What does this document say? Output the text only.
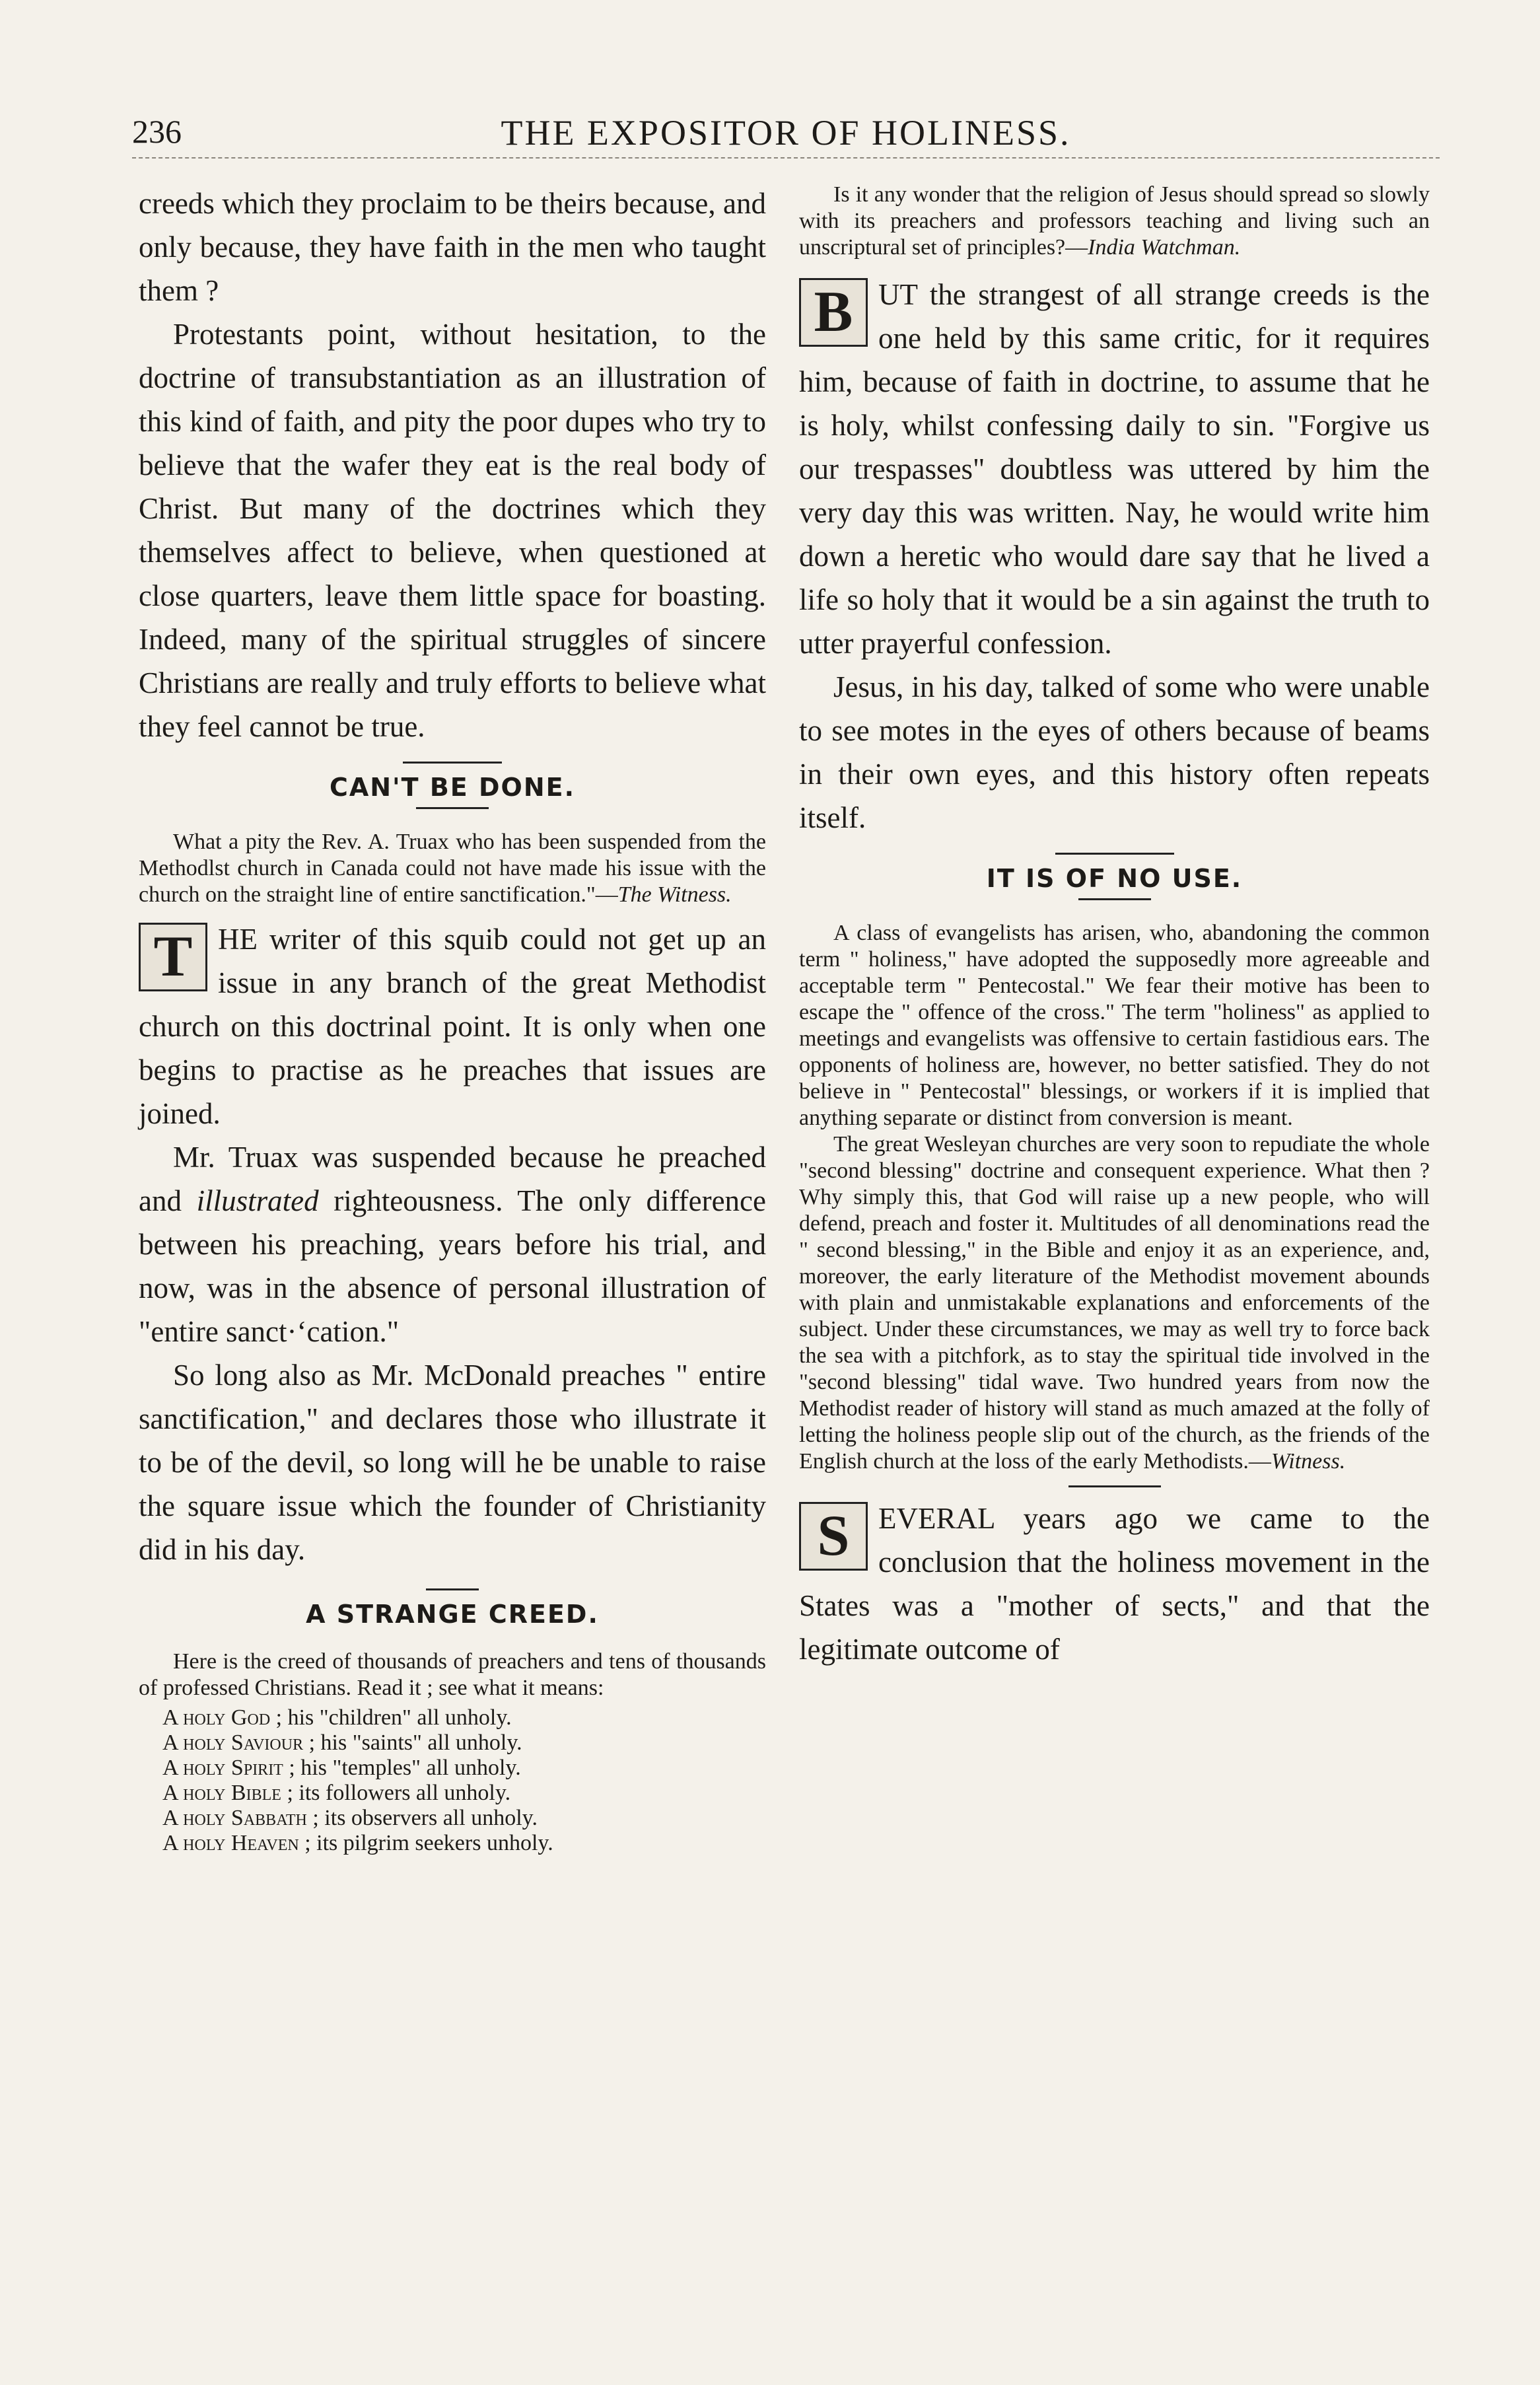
236	THE EXPOSITOR OF HOLINESS.

creeds which they proclaim to be theirs because, and only because, they have faith in the men who taught them ?

Protestants point, without hesitation, to the doctrine of transubstantiation as an illustration of this kind of faith, and pity the poor dupes who try to believe that the wafer they eat is the real body of Christ. But many of the doctrines which they themselves affect to believe, when questioned at close quarters, leave them little space for boasting. Indeed, many of the spiritual struggles of sincere Christians are really and truly efforts to believe what they feel cannot be true.

CAN'T BE DONE.

What a pity the Rev. A. Truax who has been suspended from the Methodlst church in Canada could not have made his issue with the church on the straight line of entire sanctification."—The Witness.

T HE writer of this squib could not get up an issue in any branch of the great Methodist church on this doctrinal point. It is only when one begins to practise as he preaches that issues are joined.

Mr. Truax was suspended because he preached and illustrated righteousness. The only difference between his preaching, years before his trial, and now, was in the absence of personal illustration of "entire sanct·‘cation."

So long also as Mr. McDonald preaches " entire sanctification," and declares those who illustrate it to be of the devil, so long will he be unable to raise the square issue which the founder of Christianity did in his day.

A STRANGE CREED.

Here is the creed of thousands of preachers and tens of thousands of professed Christians. Read it ; see what it means:

A holy God ; his "children" all unholy.
A holy Saviour ; his "saints" all unholy.
A holy Spirit ; his "temples" all unholy.
A holy Bible ; its followers all unholy.
A holy Sabbath ; its observers all unholy.
A holy Heaven ; its pilgrim seekers unholy.

Is it any wonder that the religion of Jesus should spread so slowly with its preachers and professors teaching and living such an unscriptural set of principles?—India Watchman.

B UT the strangest of all strange creeds is the one held by this same critic, for it requires him, because of faith in doctrine, to assume that he is holy, whilst confessing daily to sin. "Forgive us our trespasses" doubtless was uttered by him the very day this was written. Nay, he would write him down a heretic who would dare say that he lived a life so holy that it would be a sin against the truth to utter prayerful confession.

Jesus, in his day, talked of some who were unable to see motes in the eyes of others because of beams in their own eyes, and this history often repeats itself.

IT IS OF NO USE.

A class of evangelists has arisen, who, abandoning the common term " holiness," have adopted the supposedly more agreeable and acceptable term " Pentecostal." We fear their motive has been to escape the " offence of the cross." The term "holiness" as applied to meetings and evangelists was offensive to certain fastidious ears. The opponents of holiness are, however, no better satisfied. They do not believe in " Pentecostal" blessings, or workers if it is implied that anything separate or distinct from conversion is meant.

The great Wesleyan churches are very soon to repudiate the whole "second blessing" doctrine and consequent experience. What then ? Why simply this, that God will raise up a new people, who will defend, preach and foster it. Multitudes of all denominations read the " second blessing," in the Bible and enjoy it as an experience, and, moreover, the early literature of the Methodist movement abounds with plain and unmistakable explanations and enforcements of the subject. Under these circumstances, we may as well try to force back the sea with a pitchfork, as to stay the spiritual tide involved in the "second blessing" tidal wave. Two hundred years from now the Methodist reader of history will stand as much amazed at the folly of letting the holiness people slip out of the church, as the friends of the English church at the loss of the early Methodists.—Witness.

S EVERAL years ago we came to the conclusion that the holiness movement in the States was a "mother of sects," and that the legitimate outcome of
